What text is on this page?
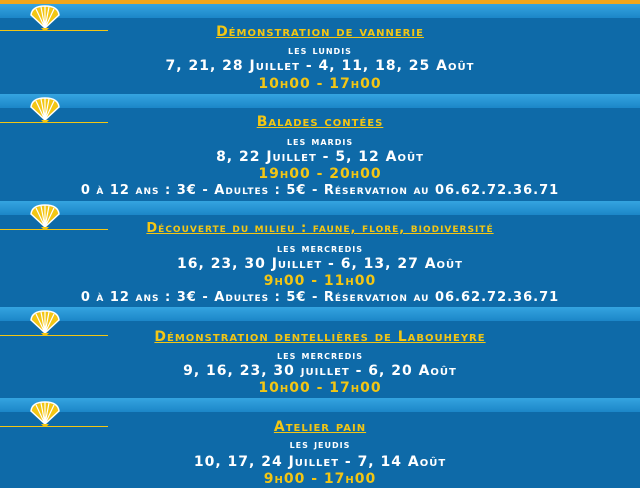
Démonstration de vannerie
les lundis
7, 21, 28 Juillet - 4, 11, 18, 25 Août
10h00 - 17h00
Balades contées
les mardis
8, 22 Juillet - 5, 12 Août
19h00 - 20h00
0 à 12 ans : 3€ - Adultes : 5€ - Réservation au 06.62.72.36.71
Découverte du milieu : faune, flore, biodiversité
les mercredis
16, 23, 30 Juillet - 6, 13, 27 Août
9h00 - 11h00
0 à 12 ans : 3€ - Adultes : 5€ - Réservation au 06.62.72.36.71
Démonstration dentellières de Labouheyre
les mercredis
9, 16, 23, 30 juillet - 6, 20 Août
10h00 - 17h00
Atelier pain
les jeudis
10, 17, 24 Juillet - 7, 14 Août
9h00 - 17h00
